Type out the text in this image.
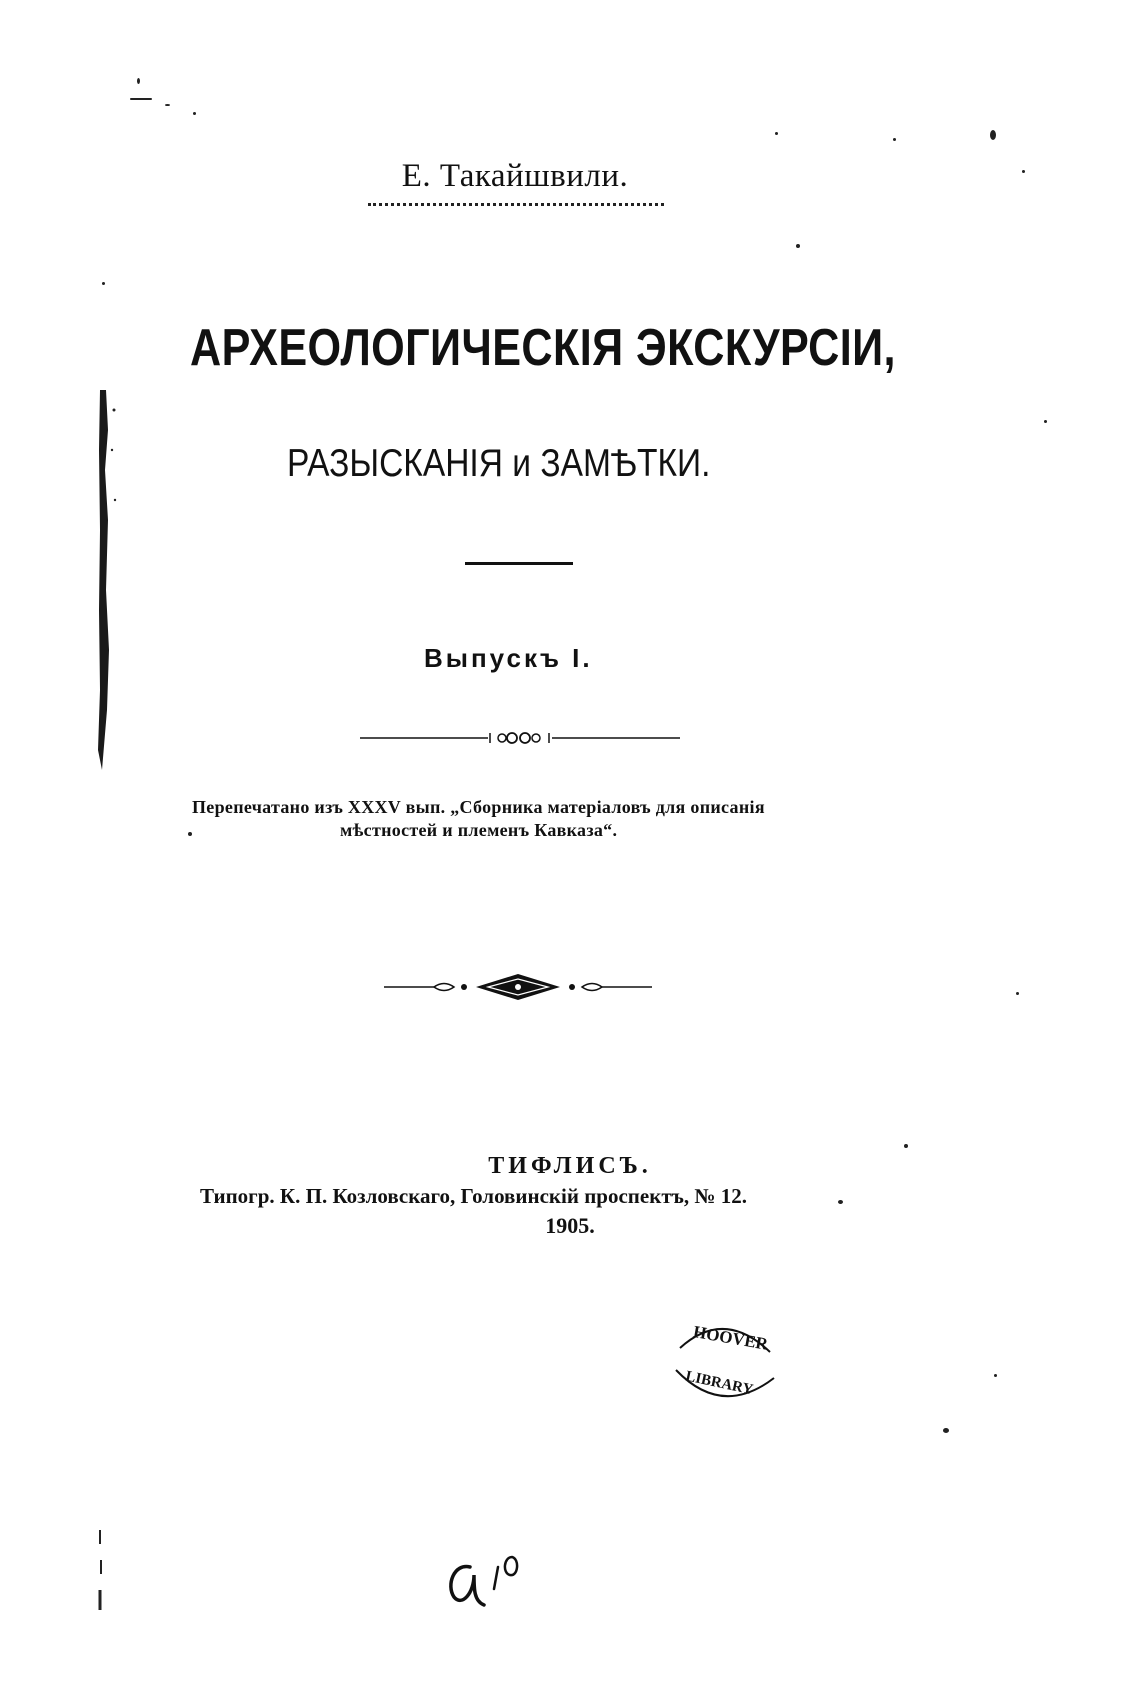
Е. Такайшвили.
АРХЕОЛОГИЧЕСКIЯ ЭКСКУРСIИ,
РАЗЫСКАНIЯ и ЗАМѢТКИ.
Выпускъ I.
Перепечатано изъ XXXV вып. „Сборника матерiаловъ для описанiя
мѣстностей и племенъ Кавказа“.
ТИФЛИСЪ.
Типогр. К. П. Козловскаго, Головинскiй проспектъ, № 12.
1905.
HOOVER
LIBRARY
